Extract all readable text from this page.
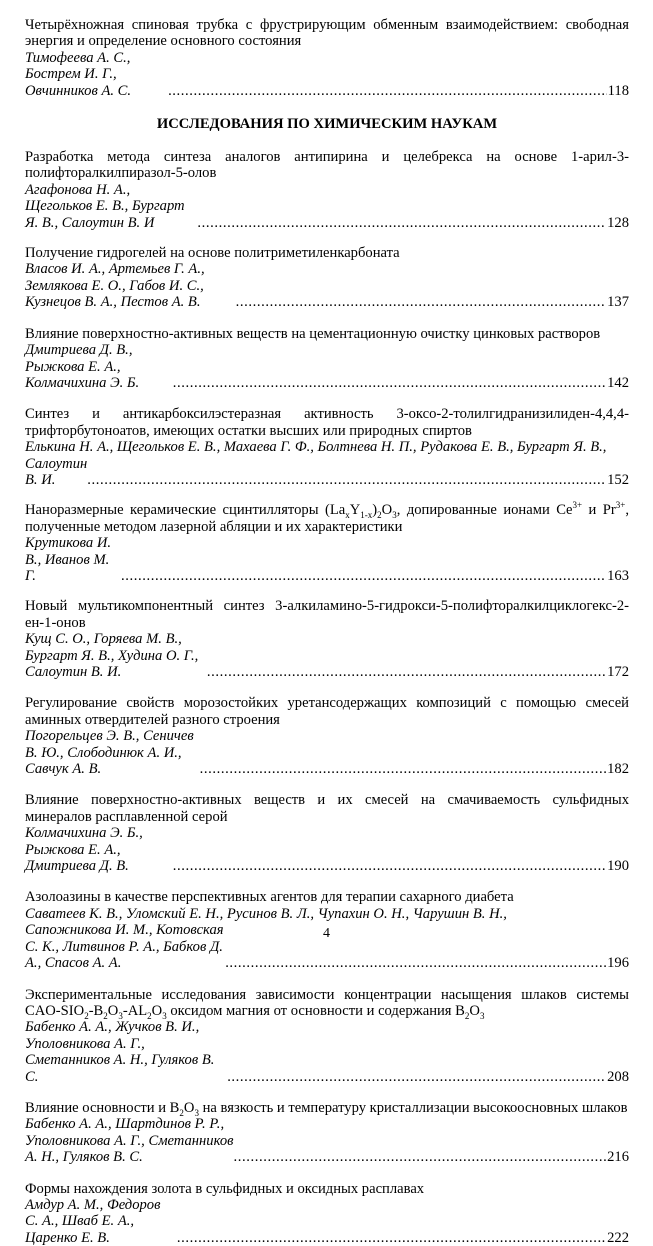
Четырёхножная спиновая трубка с фрустрирующим обменным взаимодействием: свободная энергия и определение основного состояния
Тимофеева А. С., Бострем И. Г., Овчинников А. С. .....	118
ИССЛЕДОВАНИЯ ПО ХИМИЧЕСКИМ НАУКАМ
Разработка метода синтеза аналогов антипирина и целебрекса на основе 1-арил-3-полифторалкилпиразол-5-олов
Агафонова Н. А., Щегольков Е. В., Бургарт Я. В., Салоутин В. И .....	128
Получение гидрогелей на основе политриметиленкарбоната
Власов И. А., Артемьев Г. А., Землякова Е. О., Габов И. С., Кузнецов В. А., Пестов А. В. .....	137
Влияние поверхностно-активных веществ на цементационную очистку цинковых растворов
Дмитриева Д. В., Рыжкова Е. А., Колмачихина Э. Б. .....	142
Синтез и антикарбоксилэстеразная активность 3-оксо-2-толилгидранизилиден-4,4,4-трифторбутоноатов, имеющих остатки высших или природных спиртов
Елькина Н. А., Щегольков Е. В., Махаева Г. Ф., Болтнева Н. П., Рудакова Е. В., Бургарт Я. В.,
Салоутин В. И. .....	152
Наноразмерные керамические сцинтилляторы $(La_xY_{1-x})_2O_3$, допированные ионами $Ce^{3+}$ и $Pr^{3+}$, полученные методом лазерной абляции и их характеристики
Крутикова И. В., Иванов М. Г. .....	163
Новый мультикомпонентный синтез 3-алкиламино-5-гидрокси-5-полифторалкилциклогекс-2-ен-1-онов
Кущ С. О., Горяева М. В., Бургарт Я. В., Худина О. Г., Салоутин В. И. .....	172
Регулирование свойств морозостойких уретансодержащих композиций с помощью смесей аминных отвердителей разного строения
Погорельцев Э. В., Сеничев В. Ю., Слободинюк А. И., Савчук А. В. .....	182
Влияние поверхностно-активных веществ и их смесей на смачиваемость сульфидных минералов расплавленной серой
Колмачихина Э. Б., Рыжкова Е. А., Дмитриева Д. В. .....	190
Азолоазины в качестве перспективных агентов для терапии сахарного диабета
Саватеев К. В., Уломский Е. Н., Русинов В. Л., Чупахин О. Н., Чарушин В. Н.,
Сапожникова И. М., Котовская С. К., Литвинов Р. А., Бабков Д. А., Спасов А. А. .....	196
Экспериментальные исследования зависимости концентрации насыщения шлаков системы CAO-$SIO_2-B_2O_3-AL_2O_3$ оксидом магния от основности и содержания $B_2O_3$
Бабенко А. А., Жучков В. И., Уполовникова А. Г., Сметанников А. Н., Гуляков В. С. .....	208
Влияние основности и $B_2O_3$ на вязкость и температуру кристаллизации высокоосновных шлаков
Бабенко А. А., Шартдинов Р. Р., Уполовникова А. Г., Сметанников А. Н., Гуляков В. С. .....	216
Формы нахождения золота в сульфидных и оксидных расплавах
Амдур А. М., Федоров С. А., Шваб Е. А., Царенко Е. В. .....	222
4
